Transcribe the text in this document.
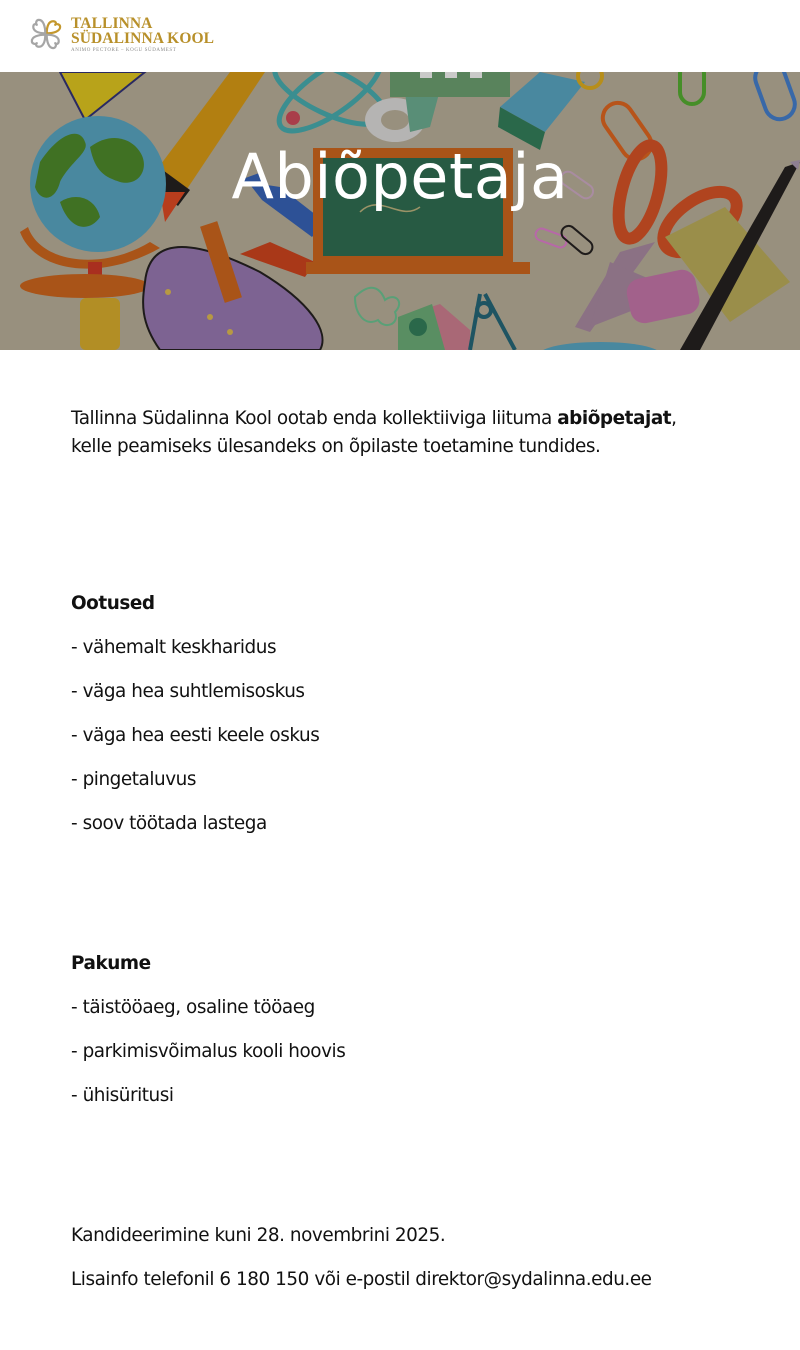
TALLINNA
SÜDALINNA KOOL
ANIMO PECTORE – KOGU SÜDAMEST
Abiõpetaja
Tallinna Südalinna Kool ootab enda kollektiiviga liituma abiõpetajat,
kelle peamiseks ülesandeks on õpilaste toetamine tundides.
Ootused
- vähemalt keskharidus
- väga hea suhtlemisoskus
- väga hea eesti keele oskus
- pingetaluvus
- soov töötada lastega
Pakume
- täistööaeg, osaline tööaeg
- parkimisvõimalus kooli hoovis
- ühisüritusi
Kandideerimine kuni 28. novembrini 2025.
Lisainfo telefonil 6 180 150 või e-postil direktor@sydalinna.edu.ee
